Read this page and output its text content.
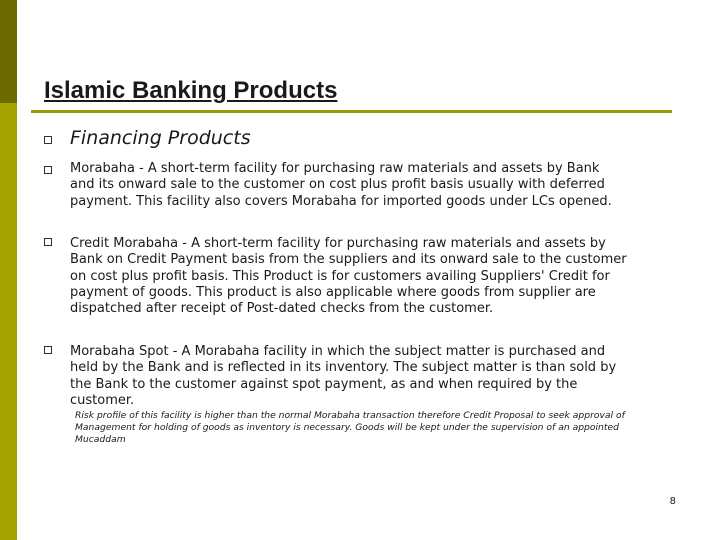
Islamic Banking Products
Financing Products
Morabaha - A short-term facility for purchasing raw materials and assets by Bank
and its onward sale to the customer on cost plus profit basis usually with deferred
payment. This facility also covers Morabaha for imported goods under LCs opened.
Credit Morabaha - A short-term facility for purchasing raw materials and assets by
Bank on Credit Payment basis from the suppliers and its onward sale to the customer
on cost plus profit basis. This Product is for customers availing Suppliers' Credit for
payment of goods. This product is also applicable where goods from supplier are
dispatched after receipt of Post-dated checks from the customer.
Morabaha Spot - A Morabaha facility in which the subject matter is purchased and
held by the Bank and is reflected in its inventory. The subject matter is than sold by
the Bank to the customer against spot payment, as and when required by the
customer.
Risk profile of this facility is higher than the normal Morabaha transaction therefore Credit Proposal to seek approval of
Management for holding of goods as inventory is necessary. Goods will be kept under the supervision of an appointed
Mucaddam
8
